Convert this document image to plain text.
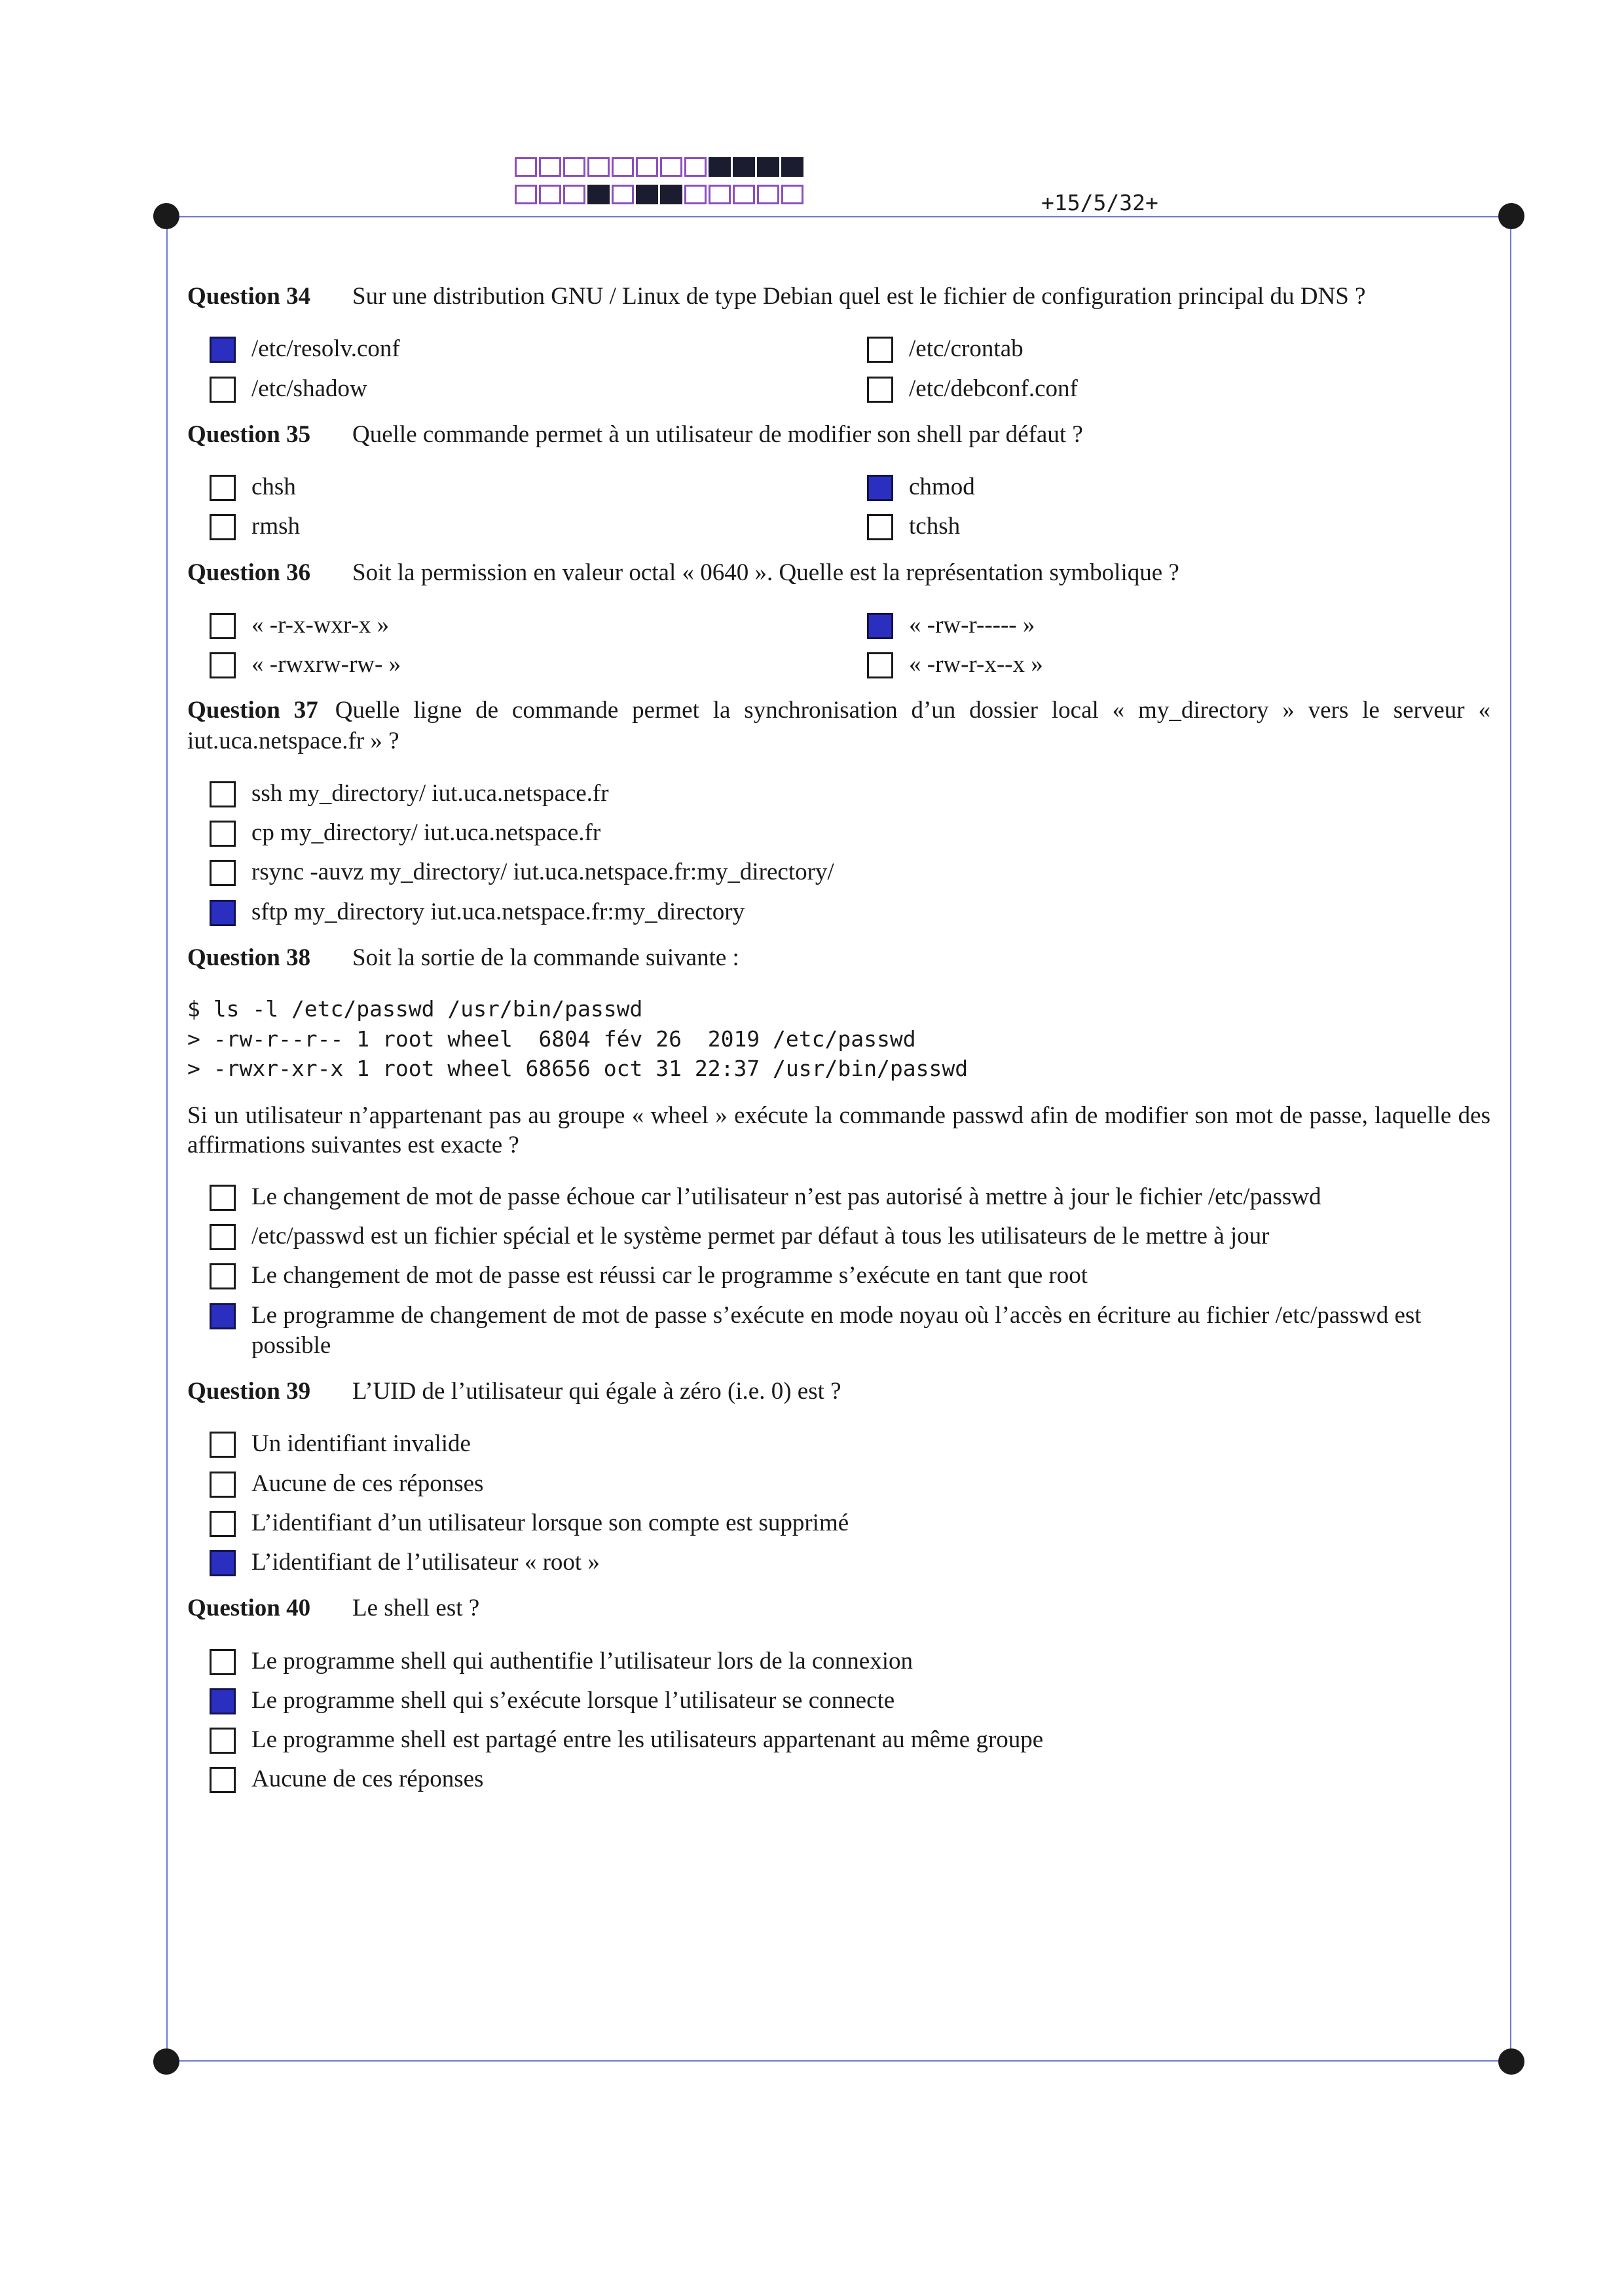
+15/5/32+
Question 34	Sur une distribution GNU / Linux de type Debian quel est le fichier de configuration principal du DNS ?
/etc/resolv.conf	/etc/crontab
/etc/shadow	/etc/debconf.conf
Question 35	Quelle commande permet à un utilisateur de modifier son shell par défaut ?
chsh	chmod
rmsh	tchsh
Question 36	Soit la permission en valeur octal « 0640 ». Quelle est la représentation symbolique ?
« -r-x-wxr-x »	« -rw-r----- »
« -rwxrw-rw- »	« -rw-r-x--x »
Question 37 Quelle ligne de commande permet la synchronisation d’un dossier local « my_directory » vers le serveur « iut.uca.netspace.fr » ?
ssh my_directory/ iut.uca.netspace.fr
cp my_directory/ iut.uca.netspace.fr
rsync -auvz my_directory/ iut.uca.netspace.fr:my_directory/
sftp my_directory iut.uca.netspace.fr:my_directory
Question 38	Soit la sortie de la commande suivante :
$ ls -l /etc/passwd /usr/bin/passwd
> -rw-r--r-- 1 root wheel  6804 fév 26  2019 /etc/passwd
> -rwxr-xr-x 1 root wheel 68656 oct 31 22:37 /usr/bin/passwd
Si un utilisateur n’appartenant pas au groupe « wheel » exécute la commande passwd afin de modifier son mot de passe, laquelle des affirmations suivantes est exacte ?
Le changement de mot de passe échoue car l’utilisateur n’est pas autorisé à mettre à jour le fichier /etc/passwd
/etc/passwd est un fichier spécial et le système permet par défaut à tous les utilisateurs de le mettre à jour
Le changement de mot de passe est réussi car le programme s’exécute en tant que root
Le programme de changement de mot de passe s’exécute en mode noyau où l’accès en écriture au fichier /etc/passwd est possible
Question 39	L’UID de l’utilisateur qui égale à zéro (i.e. 0) est ?
Un identifiant invalide
Aucune de ces réponses
L’identifiant d’un utilisateur lorsque son compte est supprimé
L’identifiant de l’utilisateur « root »
Question 40	Le shell est ?
Le programme shell qui authentifie l’utilisateur lors de la connexion
Le programme shell qui s’exécute lorsque l’utilisateur se connecte
Le programme shell est partagé entre les utilisateurs appartenant au même groupe
Aucune de ces réponses
